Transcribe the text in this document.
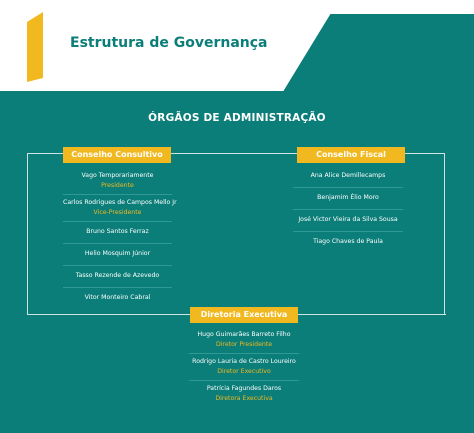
Estrutura de Governança
ÓRGÃOS DE ADMINISTRAÇÃO
Conselho Consultivo	Conselho Fiscal
Diretoria Executiva
Vago Temporariamente
Presidente
Carlos Rodrigues de Campos Mello Jr
Vice-Presidente
Bruno Santos Ferraz
Helio Mosquim Júnior
Tasso Rezende de Azevedo
Vitor Monteiro Cabral
Ana Alice Demillecamps
Benjamim Élio Moro
José Victor Vieira da Silva Sousa
Tiago Chaves de Paula
Hugo Guimarães Barreto Filho
Diretor Presidente
Rodrigo Lauria de Castro Loureiro
Diretor Executivo
Patrícia Fagundes Daros
Diretora Executiva
